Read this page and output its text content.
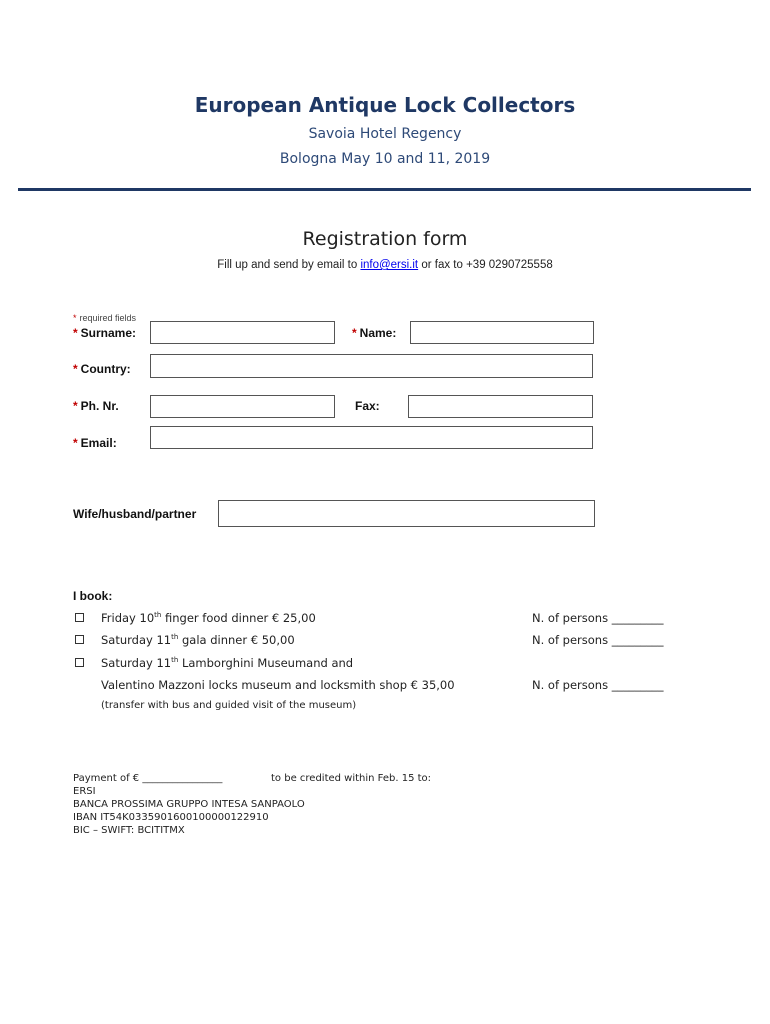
European Antique Lock Collectors
Savoia Hotel Regency
Bologna May 10 and 11, 2019
Registration form
Fill up and send by email to info@ersi.it or fax to +39 0290725558
* required fields
* Surname:	* Name:
* Country:
* Ph. Nr.	Fax:
* Email:
Wife/husband/partner
I book:
Friday 10th finger food dinner € 25,00	N. of persons _________
Saturday 11th gala dinner € 50,00	N. of persons _________
Saturday 11th Lamborghini Museumand and
Valentino Mazzoni locks museum and locksmith shop € 35,00	N. of persons _________
(transfer with bus and guided visit of the museum)
Payment of € ________________	to be credited within Feb. 15 to:
ERSI
BANCA PROSSIMA GRUPPO INTESA SANPAOLO
IBAN IT54K0335901600100000122910
BIC – SWIFT: BCITITMX
